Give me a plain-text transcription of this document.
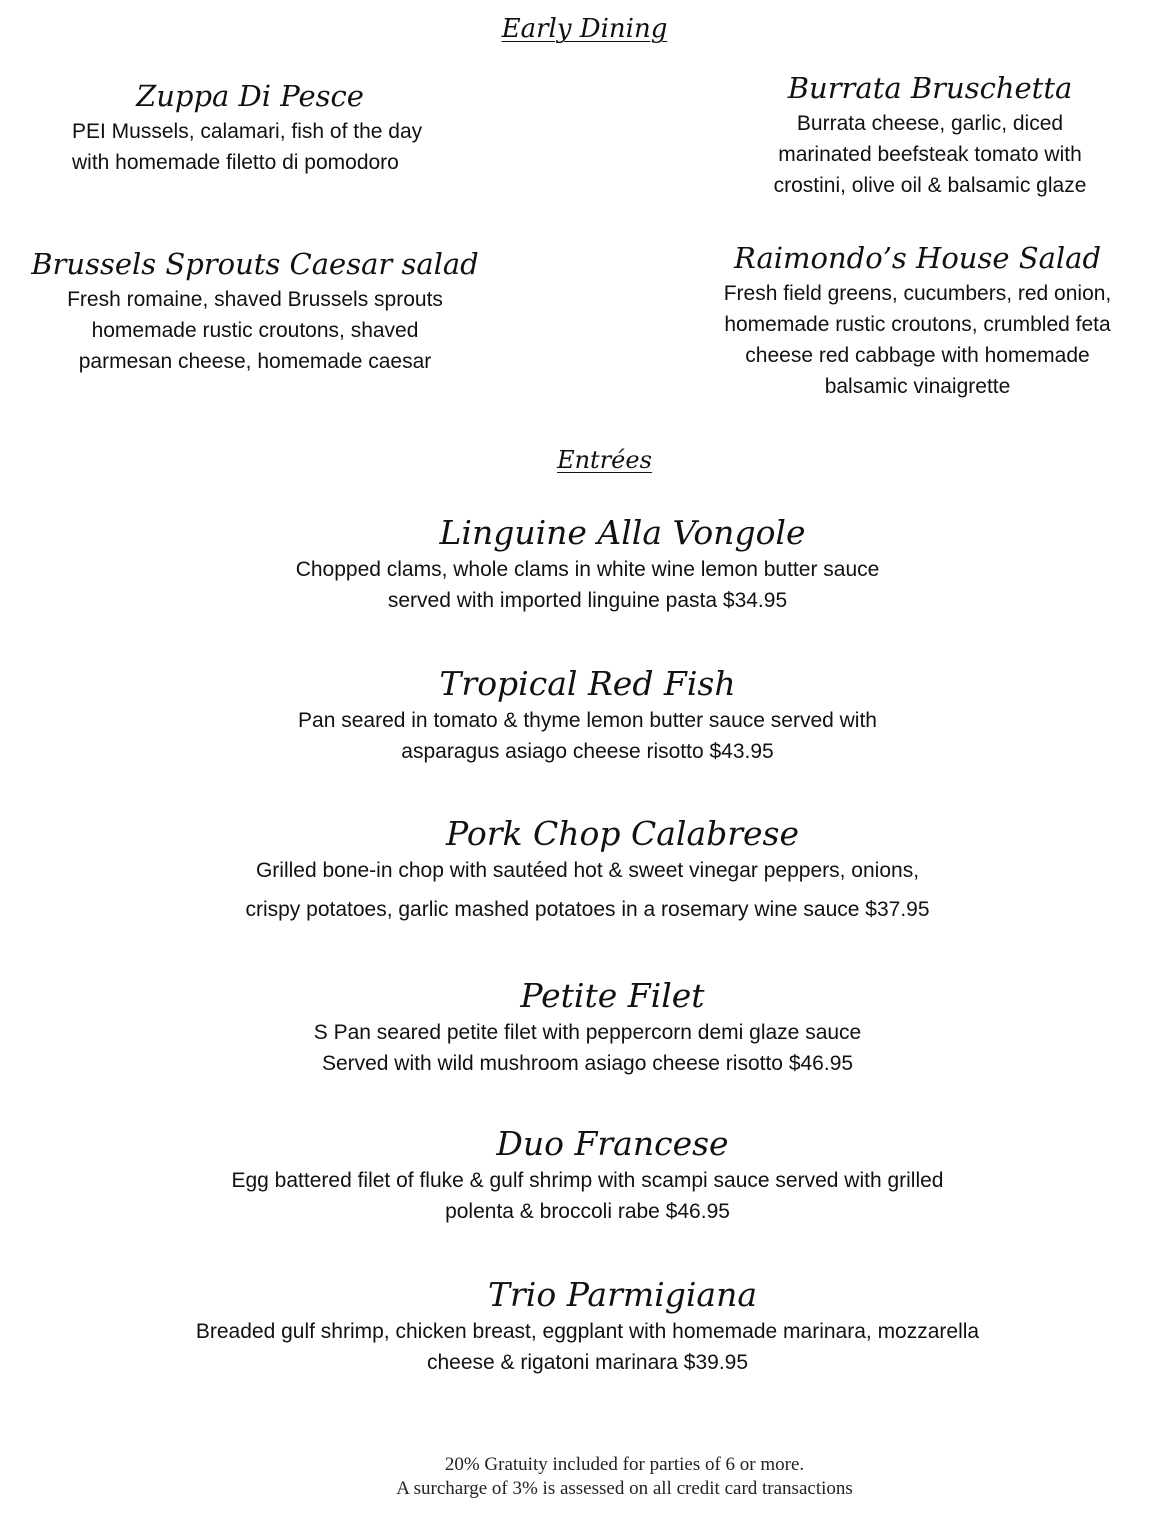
Early Dining
Zuppa Di Pesce
PEI Mussels, calamari, fish of the day
with homemade filetto di pomodoro
Burrata Bruschetta
Burrata cheese, garlic, diced
marinated beefsteak tomato with
crostini, olive oil & balsamic glaze
Brussels Sprouts Caesar salad
Fresh romaine, shaved Brussels sprouts
homemade rustic croutons, shaved
parmesan cheese, homemade caesar
Raimondo’s House Salad
Fresh field greens, cucumbers, red onion,
homemade rustic croutons, crumbled feta
cheese red cabbage with homemade
balsamic vinaigrette
Entrées
Linguine Alla Vongole
Chopped clams, whole clams in white wine lemon butter sauce
served with imported linguine pasta $34.95
Tropical Red Fish
Pan seared in tomato & thyme lemon butter sauce served with
asparagus asiago cheese risotto $43.95
Pork Chop Calabrese
Grilled bone-in chop with sautéed hot & sweet vinegar peppers, onions,
crispy potatoes, garlic mashed potatoes in a rosemary wine sauce $37.95
Petite Filet
S Pan seared petite filet with peppercorn demi glaze sauce
Served with wild mushroom asiago cheese risotto $46.95
Duo Francese
Egg battered filet of fluke & gulf shrimp with scampi sauce served with grilled
polenta & broccoli rabe $46.95
Trio Parmigiana
Breaded gulf shrimp, chicken breast, eggplant with homemade marinara, mozzarella
cheese & rigatoni marinara $39.95
20% Gratuity included for parties of 6 or more.
A surcharge of 3% is assessed on all credit card transactions
